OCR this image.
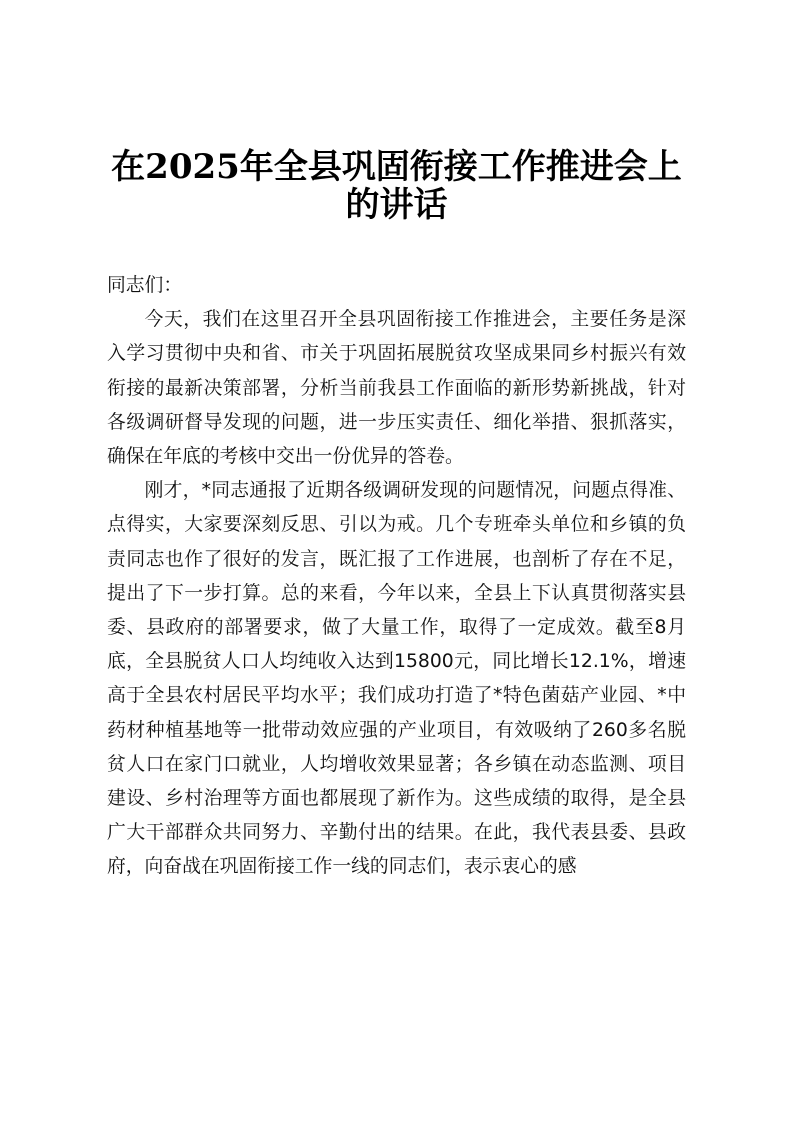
在2025年全县巩固衔接工作推进会上的讲话

同志们：

今天，我们在这里召开全县巩固衔接工作推进会，主要任务是深入学习贯彻中央和省、市关于巩固拓展脱贫攻坚成果同乡村振兴有效衔接的最新决策部署，分析当前我县工作面临的新形势新挑战，针对各级调研督导发现的问题，进一步压实责任、细化举措、狠抓落实，确保在年底的考核中交出一份优异的答卷。

刚才，*同志通报了近期各级调研发现的问题情况，问题点得准、点得实，大家要深刻反思、引以为戒。几个专班牵头单位和乡镇的负责同志也作了很好的发言，既汇报了工作进展，也剖析了存在不足，提出了下一步打算。总的来看，今年以来，全县上下认真贯彻落实县委、县政府的部署要求，做了大量工作，取得了一定成效。截至8月底，全县脱贫人口人均纯收入达到15800元，同比增长12.1%，增速高于全县农村居民平均水平；我们成功打造了*特色菌菇产业园、*中药材种植基地等一批带动效应强的产业项目，有效吸纳了260多名脱贫人口在家门口就业，人均增收效果显著；各乡镇在动态监测、项目建设、乡村治理等方面也都展现了新作为。这些成绩的取得，是全县广大干部群众共同努力、辛勤付出的结果。在此，我代表县委、县政府，向奋战在巩固衔接工作一线的同志们，表示衷心的感
